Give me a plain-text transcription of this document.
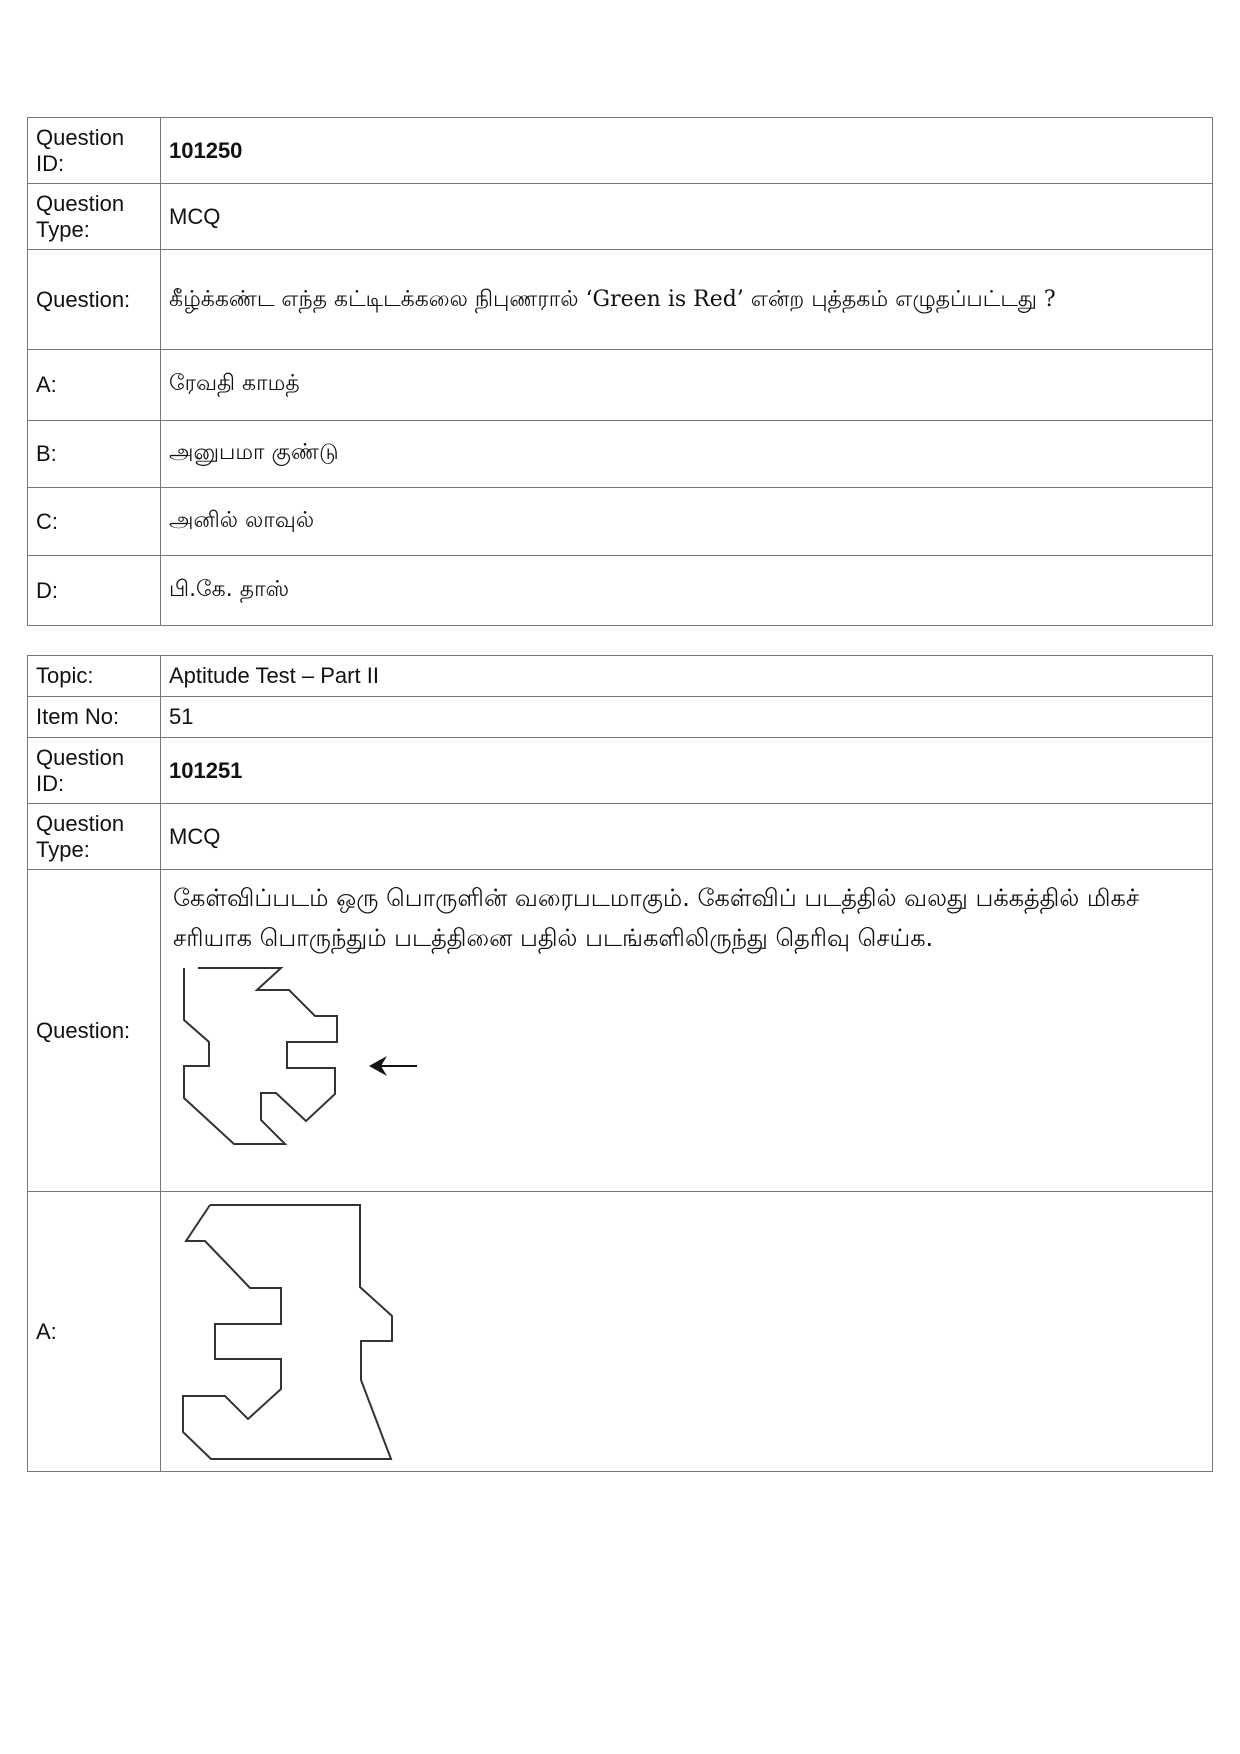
Question ID:	101250
Question Type:	MCQ
Question:	கீழ்க்கண்ட எந்த கட்டிடக்கலை நிபுணரால் ‘Green is Red’ என்ற புத்தகம் எழுதப்பட்டது ?
A:	ரேவதி காமத்
B:	அனுபமா குண்டு
C:	அனில் லாவுல்
D:	பி.கே. தாஸ்
Topic:	Aptitude Test – Part II
Item No:	51
Question ID:	101251
Question Type:	MCQ
Question:	கேள்விப்படம் ஒரு பொருளின் வரைபடமாகும். கேள்விப் படத்தில் வலது பக்கத்தில் மிகச் சரியாக பொருந்தும் படத்தினை பதில் படங்களிலிருந்து தெரிவு செய்க.

A:	
